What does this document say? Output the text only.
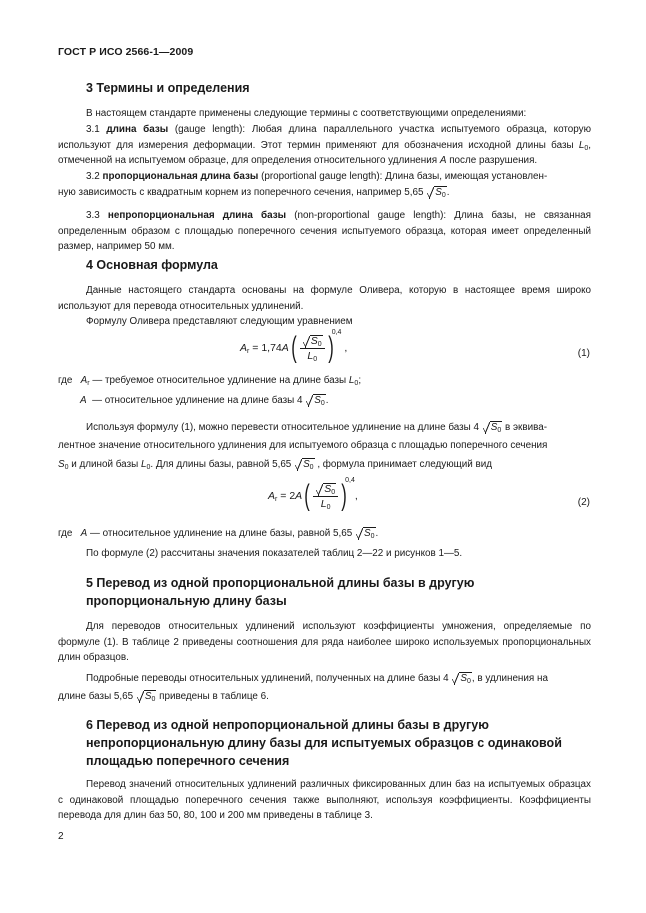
ГОСТ Р ИСО 2566-1—2009
3 Термины и определения
В настоящем стандарте применены следующие термины с соответствующими определениями:
3.1 длина базы (gauge length): Любая длина параллельного участка испытуемого образца, которую используют для измерения деформации. Этот термин применяют для обозначения исходной длины базы $L_0$, отмеченной на испытуемом образце, для определения относительного удлинения A после разрушения.
3.2 пропорциональная длина базы (proportional gauge length): Длина базы, имеющая установлен-
ную зависимость с квадратным корнем из поперечного сечения, например 5,65 $S_0$.
3.3 непропорциональная длина базы (non-proportional gauge length): Длина базы, не связанная определенным образом с площадью поперечного сечения испытуемого образца, которая имеет определенный размер, например 50 мм.
4 Основная формула
Данные настоящего стандарта основаны на формуле Оливера, которую в настоящее время широко используют для перевода относительных удлинений.
Формулу Оливера представляют следующим уравнением
$A_r = 1,74A( \frac{S_0}{L_0} )^{0,4}$ ,	(1)
где $A_r$ — требуемое относительное удлинение на длине базы $L_0$;
A — относительное удлинение на длине базы 4 $S_0$.
Используя формулу (1), можно перевести относительное удлинение на длине базы 4 $S_0$ в эквива-
лентное значение относительного удлинения для испытуемого образца с площадью поперечного сечения
$S_0$ и длиной базы $L_0$. Для длины базы, равной 5,65 $S_0$ , формула принимает следующий вид
$A_r = 2A( \frac{S_0}{L_0} )^{0,4}$,
(2)
где A — относительное удлинение на длине базы, равной 5,65 $S_0$.
По формуле (2) рассчитаны значения показателей таблиц 2—22 и рисунков 1—5.
5 Перевод из одной пропорциональной длины базы в другую
пропорциональную длину базы
Для переводов относительных удлинений используют коэффициенты умножения, определяемые по формуле (1). В таблице 2 приведены соотношения для ряда наиболее широко используемых пропорциональных длин образцов.
Подробные переводы относительных удлинений, полученных на длине базы 4 $S_0$, в удлинения на
длине базы 5,65 $S_0$ приведены в таблице 6.
6 Перевод из одной непропорциональной длины базы в другую
непропорциональную длину базы для испытуемых образцов с одинаковой
площадью поперечного сечения
Перевод значений относительных удлинений различных фиксированных длин баз на испытуемых образцах с одинаковой площадью поперечного сечения также выполняют, используя коэффициенты. Коэффициенты перевода для длин баз 50, 80, 100 и 200 мм приведены в таблице 3.
2
